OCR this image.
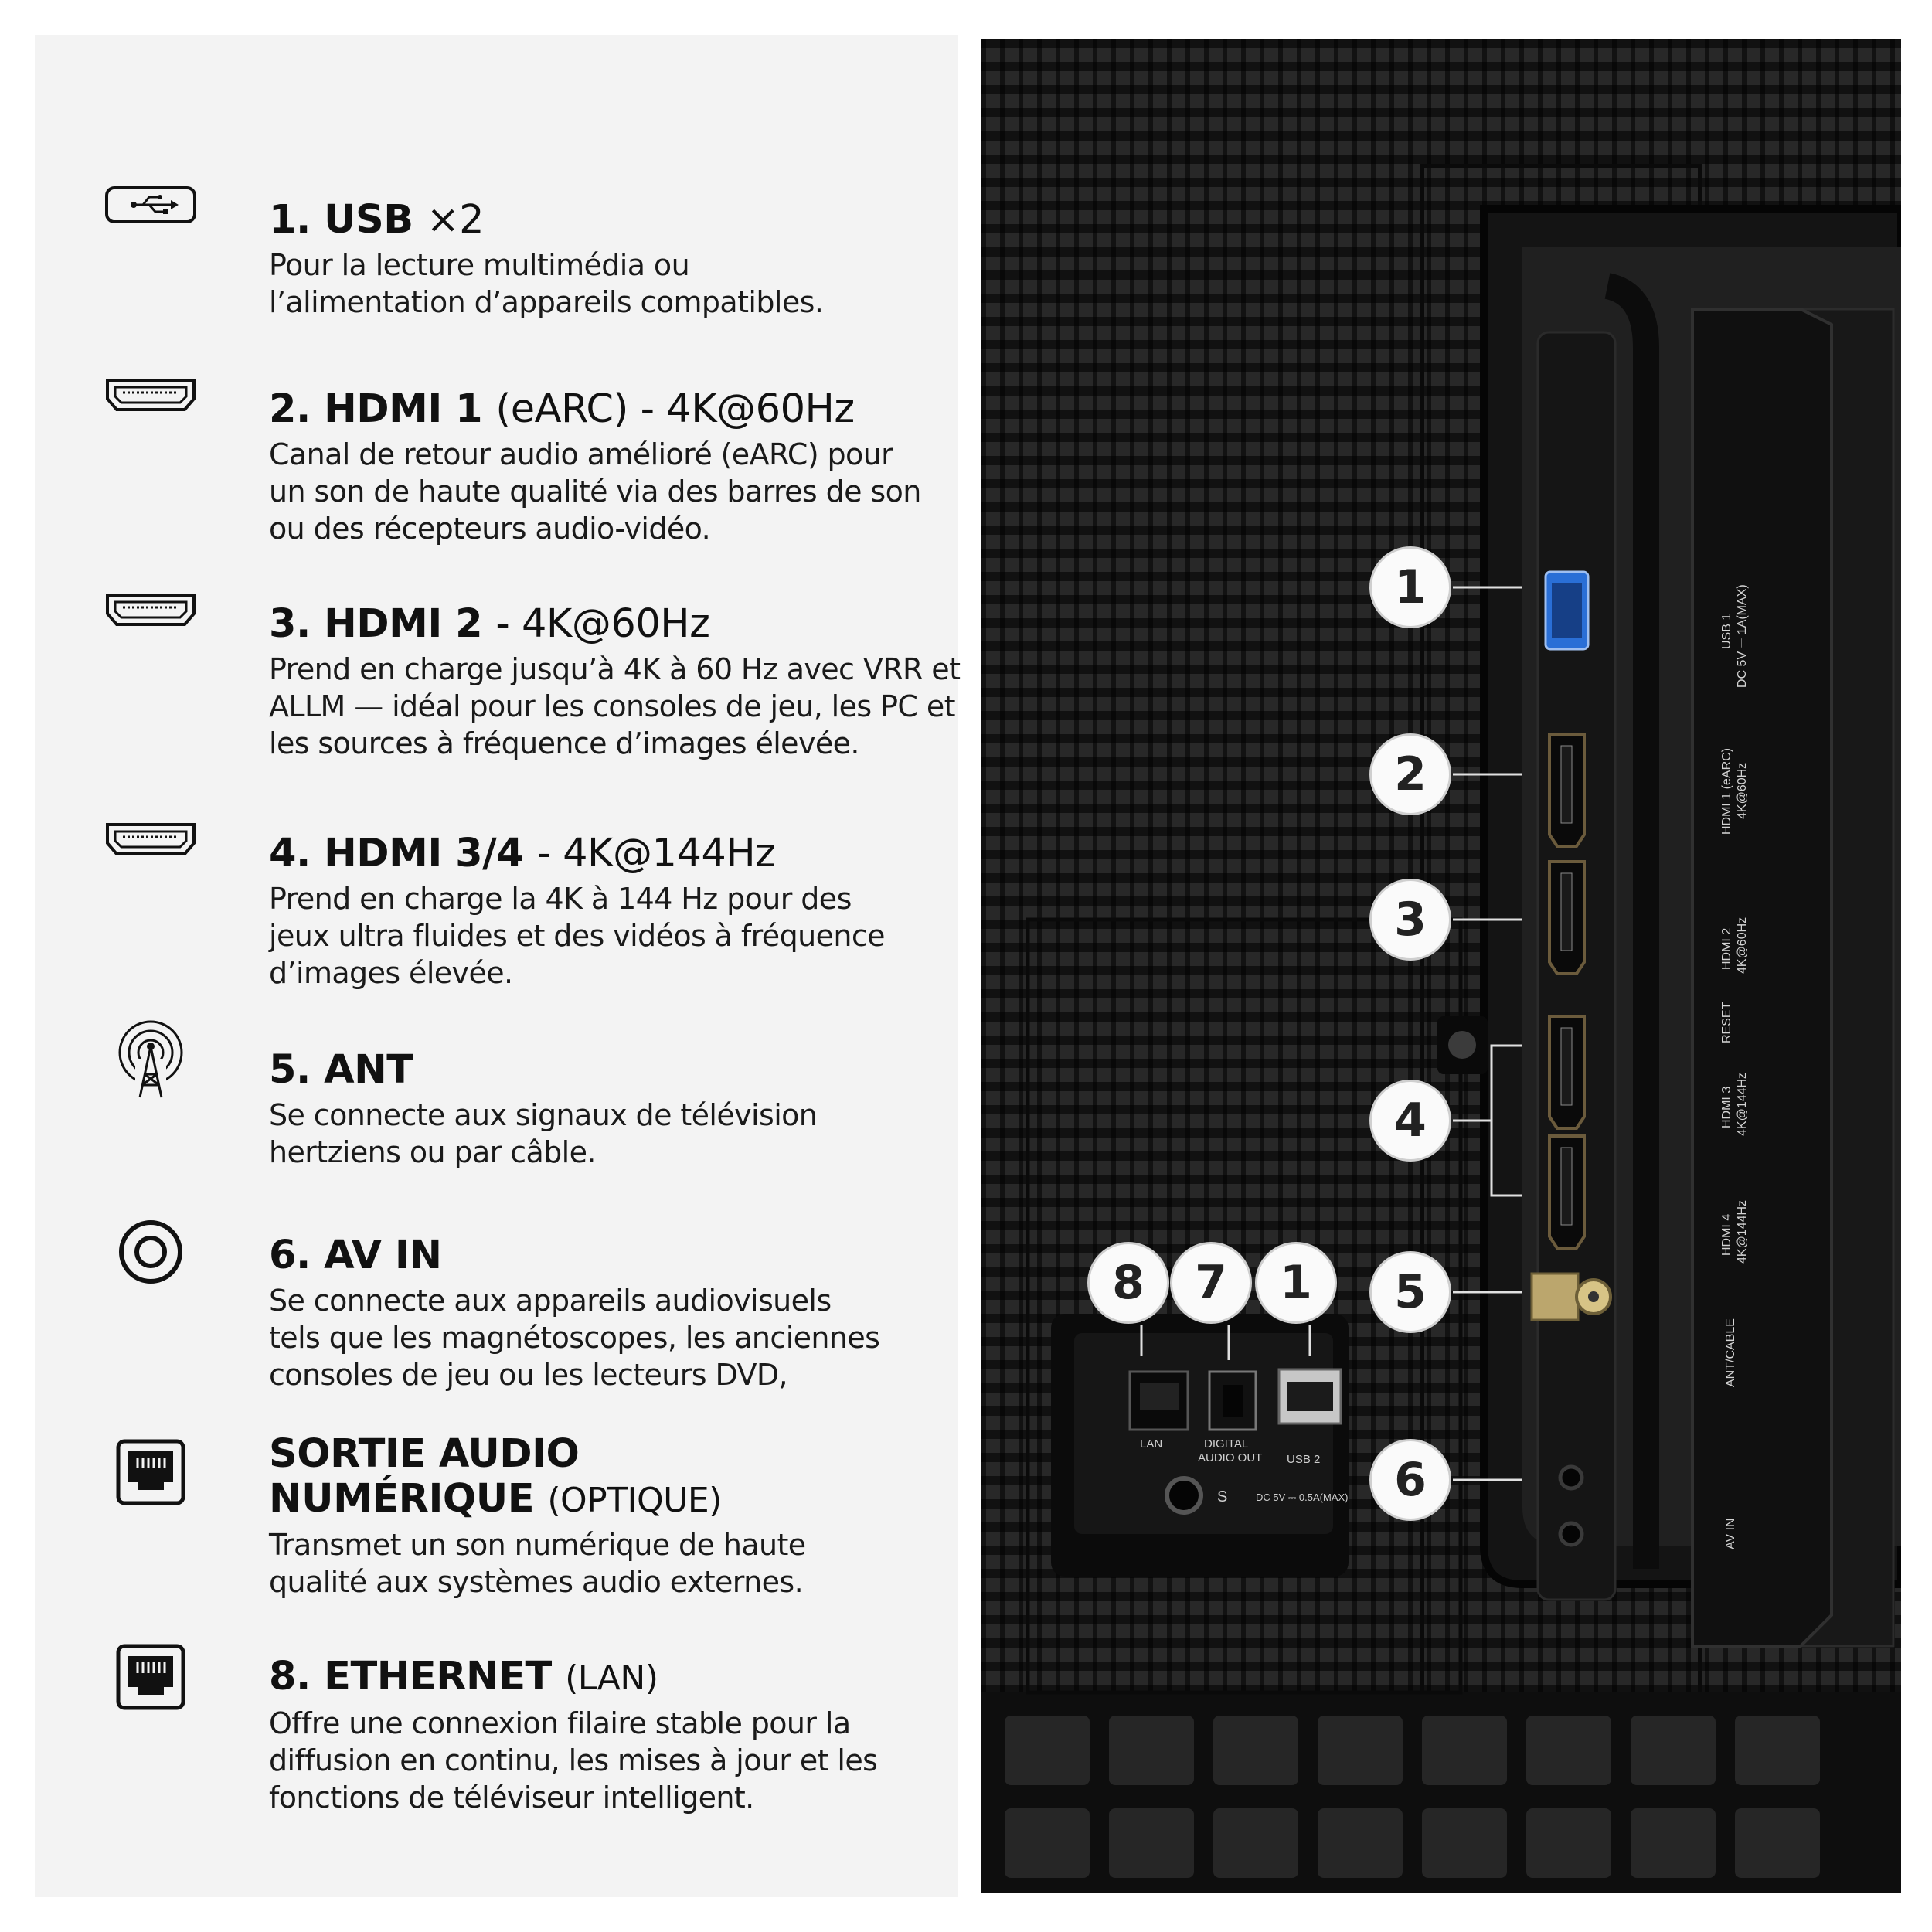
1. USB ×2
Pour la lecture multimédia ou
l’alimentation d’appareils compatibles.
2. HDMI 1 (eARC) - 4K@60Hz
Canal de retour audio amélioré (eARC) pour
un son de haute qualité via des barres de son
ou des récepteurs audio-vidéo.
3. HDMI 2 - 4K@60Hz
Prend en charge jusqu’à 4K à 60 Hz avec VRR et
ALLM — idéal pour les consoles de jeu, les PC et
les sources à fréquence d’images élevée.
4. HDMI 3/4 - 4K@144Hz
Prend en charge la 4K à 144 Hz pour des
jeux ultra fluides et des vidéos à fréquence
d’images élevée.
5. ANT
Se connecte aux signaux de télévision
hertziens ou par câble.
6. AV IN
Se connecte aux appareils audiovisuels
tels que les magnétoscopes, les anciennes
consoles de jeu ou les lecteurs DVD,
SORTIE AUDIO
NUMÉRIQUE (OPTIQUE)
Transmet un son numérique de haute
qualité aux systèmes audio externes.
8. ETHERNET (LAN)
Offre une connexion filaire stable pour la
diffusion en continu, les mises à jour et les
fonctions de téléviseur intelligent.
1
2
3
4
5
6
8	7	1
USB 1 DC 5V ⎓ 1A(MAX)
HDMI 1 (eARC) 4K@60Hz
HDMI 2 4K@60Hz
RESET
HDMI 3 4K@144Hz
HDMI 4 4K@144Hz
ANT/CABLE
AV IN
LAN	DIGITAL
AUDIO OUT USB 2
DC 5V ⎓ 0.5A(MAX)
S
